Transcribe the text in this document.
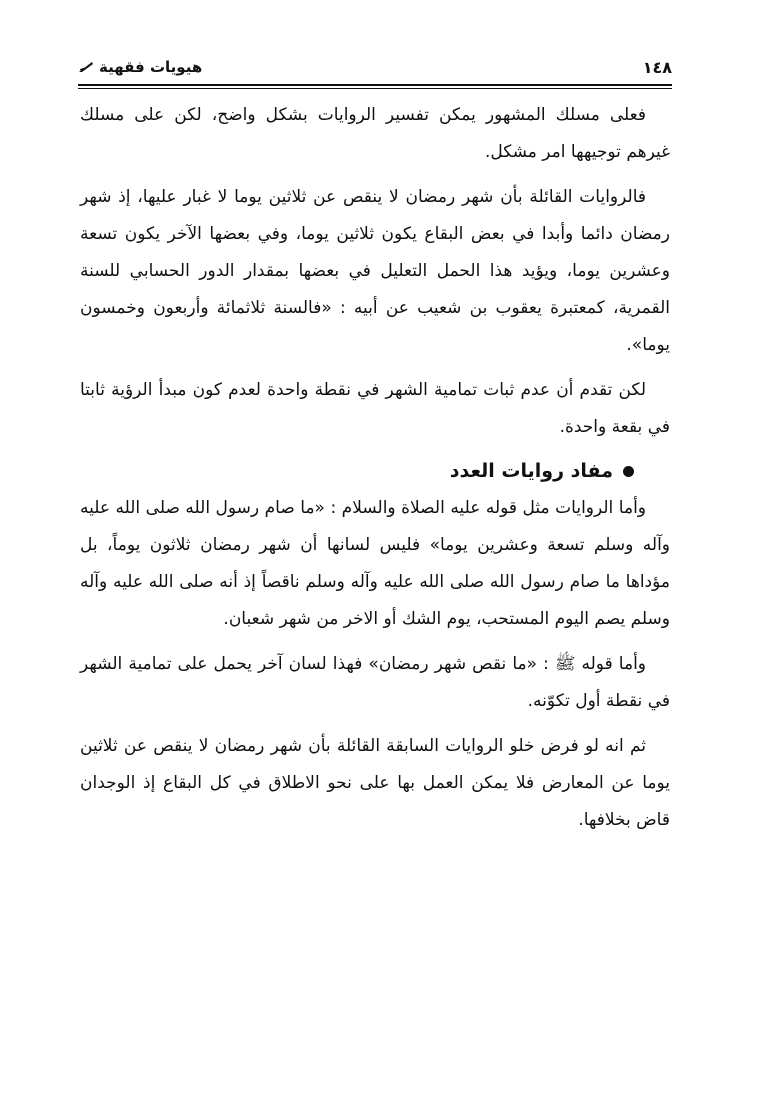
١٤٨
هيويات فقهية

فعلى مسلك المشهور يمكن تفسير الروايات بشكل واضح، لكن على مسلك غيرهم توجيهها امر مشكل.

فالروايات القائلة بأن شهر رمضان لا ينقص عن ثلاثين يوما لا غبار عليها، إذ شهر رمضان دائما وأبدا في بعض البقاع يكون ثلاثين يوما، وفي بعضها الآخر يكون تسعة وعشرين يوما، ويؤيد هذا الحمل التعليل في بعضها بمقدار الدور الحسابي للسنة القمرية، كمعتبرة يعقوب بن شعيب عن أبيه : «فالسنة ثلاثمائة وأربعون وخمسون يوما».

لكن تقدم أن عدم ثبات تمامية الشهر في نقطة واحدة لعدم كون مبدأ الرؤية ثابتا في بقعة واحدة.

مفاد روايات العدد

وأما الروايات مثل قوله عليه الصلاة والسلام : «ما صام رسول الله صلى الله عليه وآله وسلم تسعة وعشرين يوما» فليس لسانها أن شهر رمضان ثلاثون يوماً، بل مؤداها ما صام رسول الله صلى الله عليه وآله وسلم ناقصاً إذ أنه صلى الله عليه وآله وسلم يصم اليوم المستحب، يوم الشك أو الاخر من شهر شعبان.

وأما قوله ﷺ : «ما نقص شهر رمضان» فهذا لسان آخر يحمل على تمامية الشهر في نقطة أول تكوّنه.

ثم انه لو فرض خلو الروايات السابقة القائلة بأن شهر رمضان لا ينقص عن ثلاثين يوما عن المعارض فلا يمكن العمل بها على نحو الاطلاق في كل البقاع إذ الوجدان قاض بخلافها.
